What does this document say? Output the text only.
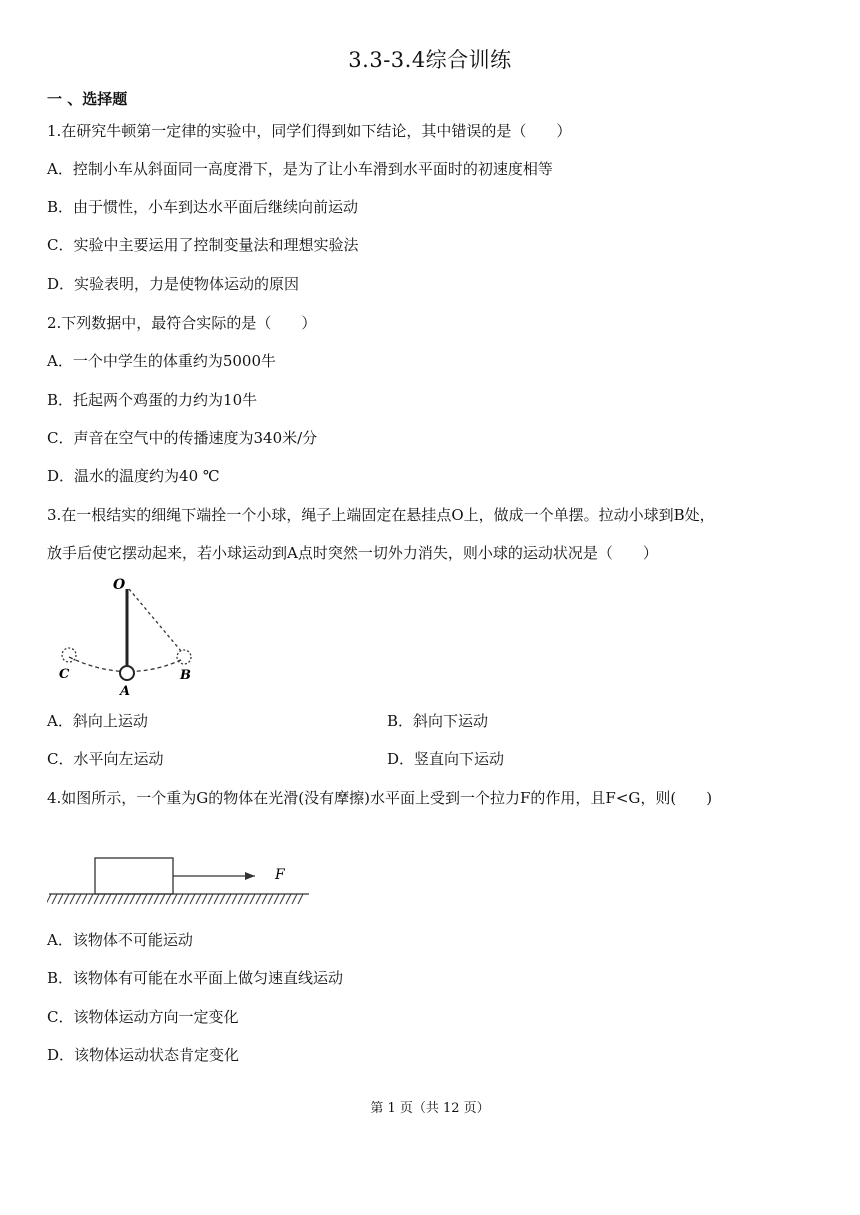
3.3-3.4综合训练
一 、选择题
1.在研究牛顿第一定律的实验中，同学们得到如下结论，其中错误的是（　　）
A．控制小车从斜面同一高度滑下，是为了让小车滑到水平面时的初速度相等
B．由于惯性，小车到达水平面后继续向前运动
C．实验中主要运用了控制变量法和理想实验法
D．实验表明，力是使物体运动的原因
2.下列数据中，最符合实际的是（　　）
A．一个中学生的体重约为5000牛
B．托起两个鸡蛋的力约为10牛
C．声音在空气中的传播速度为340米/分
D．温水的温度约为40 ℃
3.在一根结实的细绳下端拴一个小球，绳子上端固定在悬挂点O上，做成一个单摆。拉动小球到B处，
放手后使它摆动起来，若小球运动到A点时突然一切外力消失，则小球的运动状况是（　　）
O
C
A
B
A．斜向上运动	B．斜向下运动
C．水平向左运动	D．竖直向下运动
4.如图所示，一个重为G的物体在光滑(没有摩擦)水平面上受到一个拉力F的作用，且F<G，则(　　)
F
A．该物体不可能运动
B．该物体有可能在水平面上做匀速直线运动
C．该物体运动方向一定变化
D．该物体运动状态肯定变化
第 1 页（共 12 页）
